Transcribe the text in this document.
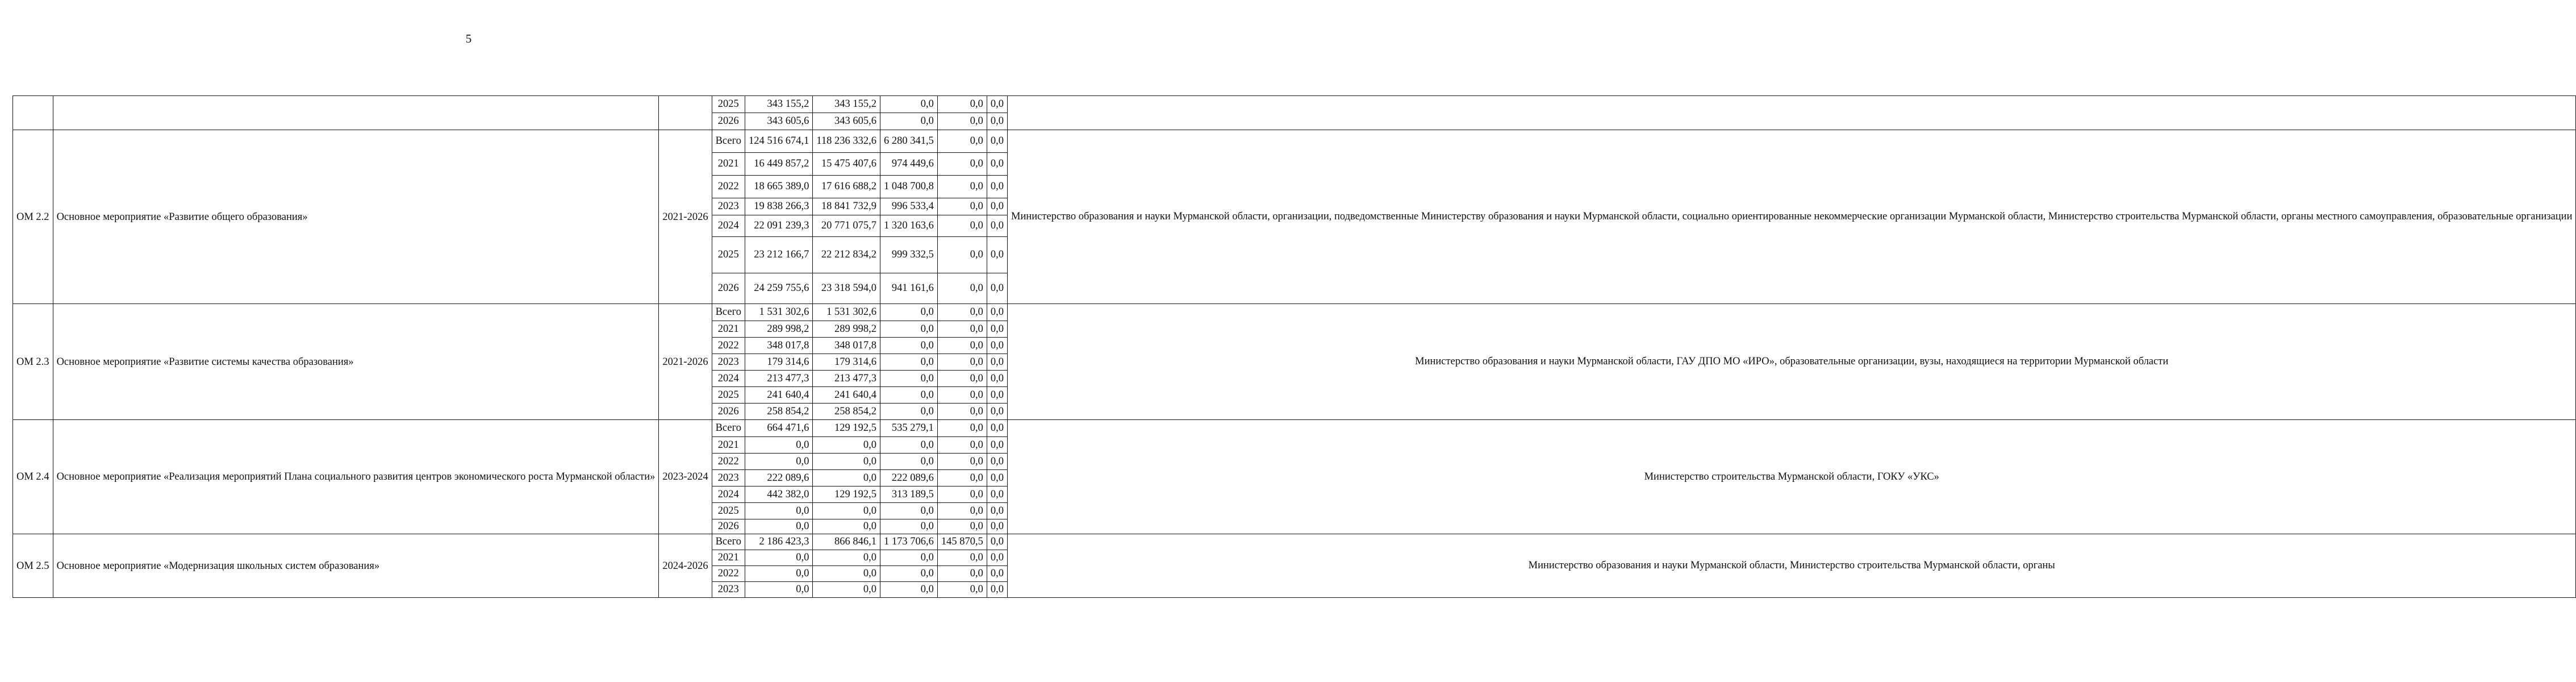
5
			2025	343 155,2	343 155,2	0,0	0,0	0,0	
			2026	343 605,6	343 605,6	0,0	0,0	0,0	
ОМ 2.2	Основное мероприятие «Развитие общего образования»	2021-2026	Всего	124 516 674,1	118 236 332,6	6 280 341,5	0,0	0,0	Министерство образования и науки Мурманской области, организации, подведомственные Министерству образования и науки Мурманской области, социально ориентированные некоммерческие организации Мурманской области, Министерство строительства Мурманской области, органы местного самоуправления, образовательные организации
			2021	16 449 857,2	15 475 407,6	974 449,6	0,0	0,0	
			2022	18 665 389,0	17 616 688,2	1 048 700,8	0,0	0,0	
			2023	19 838 266,3	18 841 732,9	996 533,4	0,0	0,0	
			2024	22 091 239,3	20 771 075,7	1 320 163,6	0,0	0,0	
			2025	23 212 166,7	22 212 834,2	999 332,5	0,0	0,0	
			2026	24 259 755,6	23 318 594,0	941 161,6	0,0	0,0	
ОМ 2.3	Основное мероприятие «Развитие системы качества образования»	2021-2026	Всего	1 531 302,6	1 531 302,6	0,0	0,0	0,0	Министерство образования и науки Мурманской области, ГАУ ДПО МО «ИРО», образовательные организации, вузы, находящиеся на территории Мурманской области
			2021	289 998,2	289 998,2	0,0	0,0	0,0	
			2022	348 017,8	348 017,8	0,0	0,0	0,0	
			2023	179 314,6	179 314,6	0,0	0,0	0,0	
			2024	213 477,3	213 477,3	0,0	0,0	0,0	
			2025	241 640,4	241 640,4	0,0	0,0	0,0	
			2026	258 854,2	258 854,2	0,0	0,0	0,0	
ОМ 2.4	Основное мероприятие «Реализация мероприятий Плана социального развития центров экономического роста Мурманской области»	2023-2024	Всего	664 471,6	129 192,5	535 279,1	0,0	0,0	Министерство строительства Мурманской области, ГОКУ «УКС»
			2021	0,0	0,0	0,0	0,0	0,0	
			2022	0,0	0,0	0,0	0,0	0,0	
			2023	222 089,6	0,0	222 089,6	0,0	0,0	
			2024	442 382,0	129 192,5	313 189,5	0,0	0,0	
			2025	0,0	0,0	0,0	0,0	0,0	
			2026	0,0	0,0	0,0	0,0	0,0	
ОМ 2.5	Основное мероприятие «Модернизация школьных систем образования»	2024-2026	Всего	2 186 423,3	866 846,1	1 173 706,6	145 870,5	0,0	Министерство образования и науки Мурманской области, Министерство строительства Мурманской области, органы
			2021	0,0	0,0	0,0	0,0	0,0	
			2022	0,0	0,0	0,0	0,0	0,0	
			2023	0,0	0,0	0,0	0,0	0,0	
